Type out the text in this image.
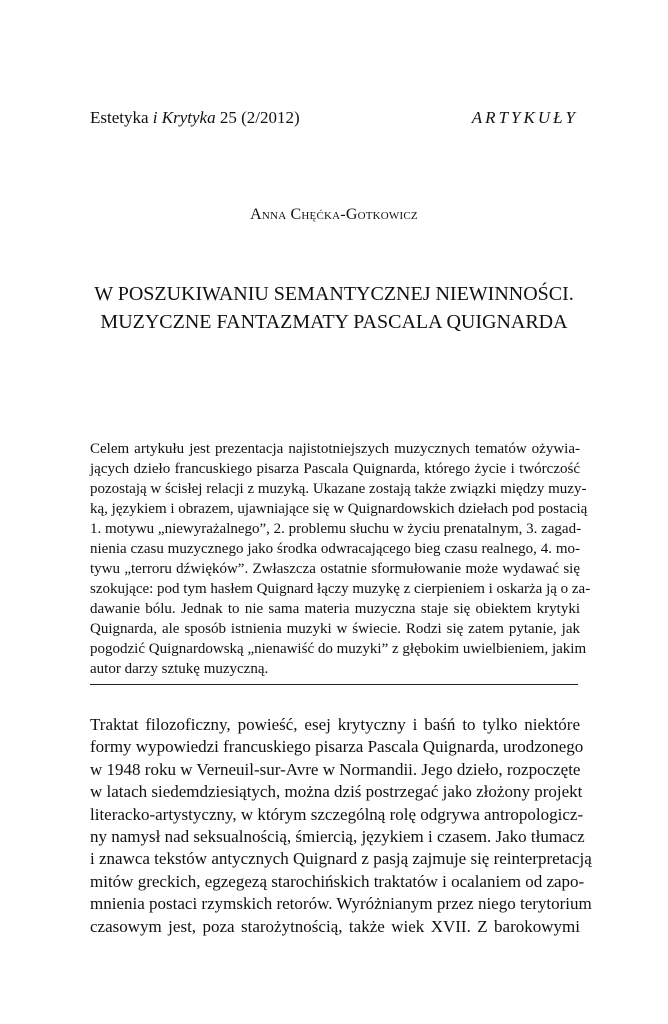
Estetyka i Krytyka 25 (2/2012)	ARTYKUŁY
Anna Chęćka-Gotkowicz
W POSZUKIWANIU SEMANTYCZNEJ NIEWINNOŚCI.
MUZYCZNE FANTAZMATY PASCALA QUIGNARDA
Celem artykułu jest prezentacja najistotniejszych muzycznych tematów ożywia-
jących dzieło francuskiego pisarza Pascala Quignarda, którego życie i twórczość
pozostają w ścisłej relacji z muzyką. Ukazane zostają także związki między muzy-
ką, językiem i obrazem, ujawniające się w Quignardowskich dziełach pod postacią
1. motywu „niewyrażalnego”, 2. problemu słuchu w życiu prenatalnym, 3. zagad-
nienia czasu muzycznego jako środka odwracającego bieg czasu realnego, 4. mo-
tywu „terroru dźwięków”. Zwłaszcza ostatnie sformułowanie może wydawać się
szokujące: pod tym hasłem Quignard łączy muzykę z cierpieniem i oskarża ją o za-
dawanie bólu. Jednak to nie sama materia muzyczna staje się obiektem krytyki
Quignarda, ale sposób istnienia muzyki w świecie. Rodzi się zatem pytanie, jak
pogodzić Quignardowską „nienawiść do muzyki” z głębokim uwielbieniem, jakim
autor darzy sztukę muzyczną.
Traktat filozoficzny, powieść, esej krytyczny i baśń to tylko niektóre
formy wypowiedzi francuskiego pisarza Pascala Quignarda, urodzonego
w 1948 roku w Verneuil-sur-Avre w Normandii. Jego dzieło, rozpoczęte
w latach siedemdziesiątych, można dziś postrzegać jako złożony projekt
literacko-artystyczny, w którym szczególną rolę odgrywa antropologicz-
ny namysł nad seksualnością, śmiercią, językiem i czasem. Jako tłumacz
i znawca tekstów antycznych Quignard z pasją zajmuje się reinterpretacją
mitów greckich, egzegezą starochińskich traktatów i ocalaniem od zapo-
mnienia postaci rzymskich retorów. Wyróżnianym przez niego terytorium
czasowym jest, poza starożytnością, także wiek XVII. Z barokowymi
